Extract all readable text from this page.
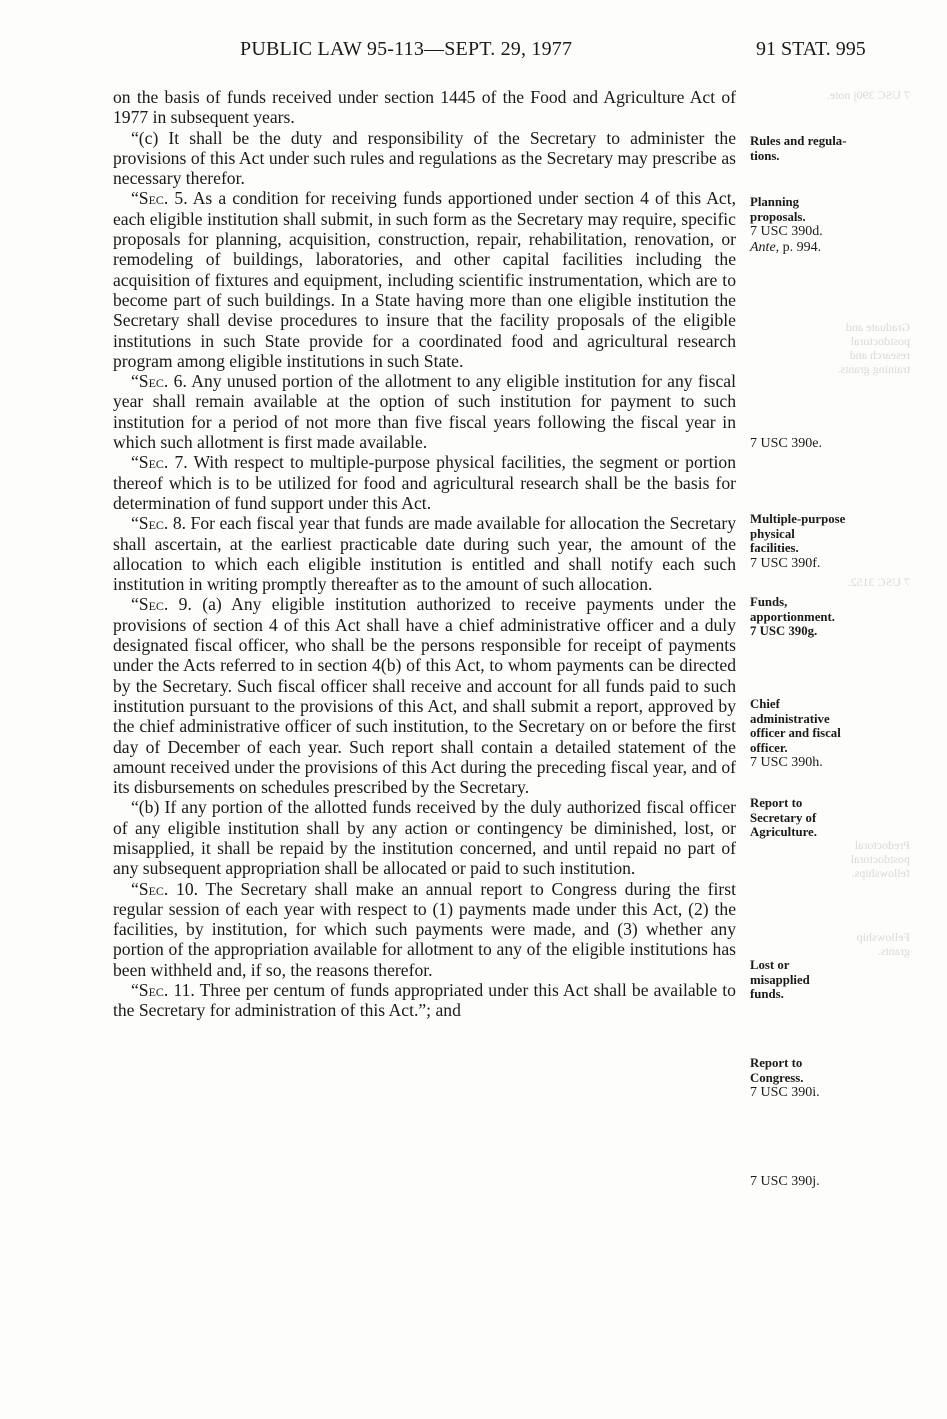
PUBLIC LAW 95-113—SEPT. 29, 1977	91 STAT. 995

on the basis of funds received under section 1445 of the Food and Agriculture Act of 1977 in subsequent years.

“(c) It shall be the duty and responsibility of the Secretary to administer the provisions of this Act under such rules and regulations as the Secretary may prescribe as necessary therefor.

“Sec. 5. As a condition for receiving funds apportioned under section 4 of this Act, each eligible institution shall submit, in such form as the Secretary may require, specific proposals for planning, acquisition, construction, repair, rehabilitation, renovation, or remodeling of buildings, laboratories, and other capital facilities including the acquisition of fixtures and equipment, including scientific instrumentation, which are to become part of such buildings. In a State having more than one eligible institution the Secretary shall devise procedures to insure that the facility proposals of the eligible institutions in such State provide for a coordinated food and agricultural research program among eligible institutions in such State.

“Sec. 6. Any unused portion of the allotment to any eligible institution for any fiscal year shall remain available at the option of such institution for payment to such institution for a period of not more than five fiscal years following the fiscal year in which such allotment is first made available.

“Sec. 7. With respect to multiple-purpose physical facilities, the segment or portion thereof which is to be utilized for food and agricultural research shall be the basis for determination of fund support under this Act.

“Sec. 8. For each fiscal year that funds are made available for allocation the Secretary shall ascertain, at the earliest practicable date during such year, the amount of the allocation to which each eligible institution is entitled and shall notify each such institution in writing promptly thereafter as to the amount of such allocation.

“Sec. 9. (a) Any eligible institution authorized to receive payments under the provisions of section 4 of this Act shall have a chief administrative officer and a duly designated fiscal officer, who shall be the persons responsible for receipt of payments under the Acts referred to in section 4(b) of this Act, to whom payments can be directed by the Secretary. Such fiscal officer shall receive and account for all funds paid to such institution pursuant to the provisions of this Act, and shall submit a report, approved by the chief administrative officer of such institution, to the Secretary on or before the first day of December of each year. Such report shall contain a detailed statement of the amount received under the provisions of this Act during the preceding fiscal year, and of its disbursements on schedules prescribed by the Secretary.

“(b) If any portion of the allotted funds received by the duly authorized fiscal officer of any eligible institution shall by any action or contingency be diminished, lost, or misapplied, it shall be repaid by the institution concerned, and until repaid no part of any subsequent appropriation shall be allocated or paid to such institution.

“Sec. 10. The Secretary shall make an annual report to Congress during the first regular session of each year with respect to (1) payments made under this Act, (2) the facilities, by institution, for which such payments were made, and (3) whether any portion of the appropriation available for allotment to any of the eligible institutions has been withheld and, if so, the reasons therefor.

“Sec. 11. Three per centum of funds appropriated under this Act shall be available to the Secretary for administration of this Act.”; and

Rules and regula-
tions.
Planning
proposals.
7 USC 390d.
Ante, p. 994.
7 USC 390e.
Multiple-purpose
physical
facilities.
7 USC 390f.
Funds,
apportionment.
7 USC 390g.
Chief
administrative
officer and fiscal
officer.
7 USC 390h.
Report to
Secretary of
Agriculture.
Lost or
misapplied
funds.
Report to
Congress.
7 USC 390i.
7 USC 390j.
7 USC 390j note.
Graduate and
postdoctoral
research and
training grants.
7 USC 3152.
Predoctoral
postdoctoral
fellowships.
Fellowship
grants.
